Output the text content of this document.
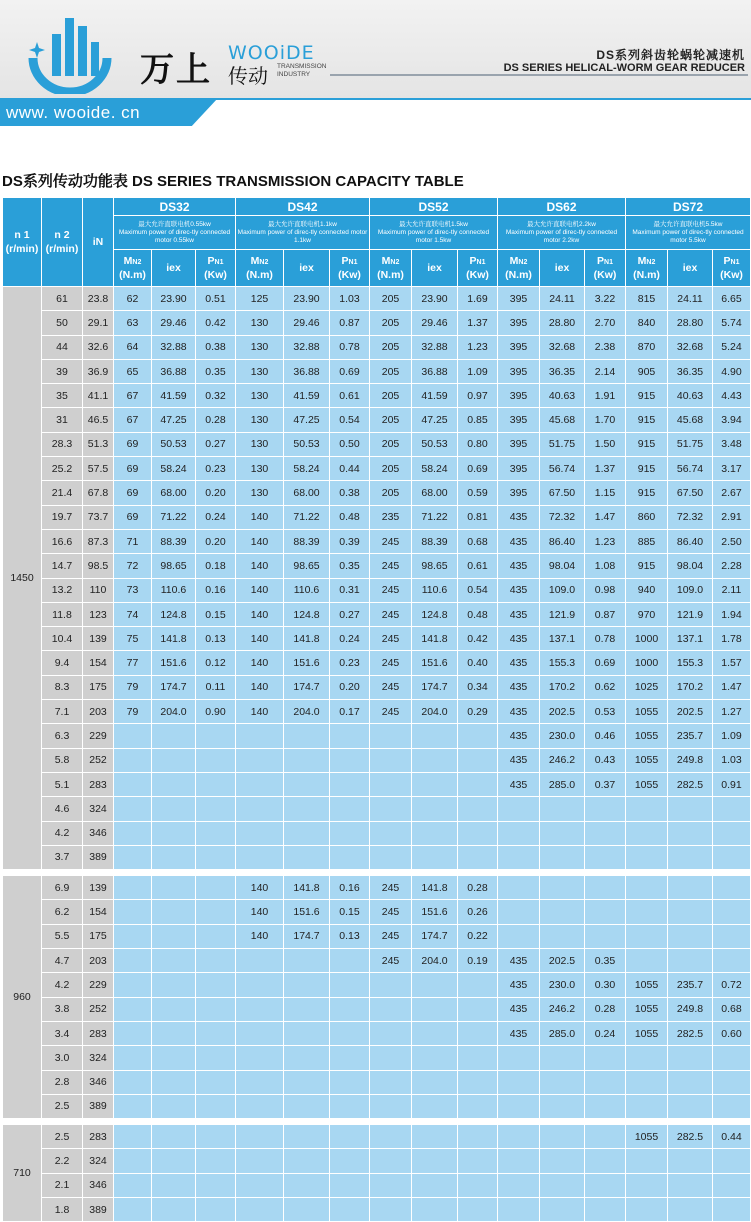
万上 WOOiDE
传动 TRANSMISSION INDUSTRY
DS系列斜齿轮蜗轮减速机
DS SERIES HELICAL-WORM GEAR REDUCER
www. wooide. cn
DS系列传动功能表 DS SERIES TRANSMISSION CAPACITY TABLE
n 1
(r/min)	n 2
(r/min)	iN	DS32			DS42			DS52			DS62			DS72		
			最大允许直联电机0.55kw
Maximum power of direc-tly connected motor 0.55kw			最大允许直联电机1.1kw
Maximum power of direc-tly connected motor 1.1kw			最大允许直联电机1.5kw
Maximum power of direc-tly connected motor 1.5kw			最大允许直联电机2.2kw
Maximum power of direc-tly connected motor 2.2kw			最大允许直联电机5.5kw
Maximum power of direc-tly connected motor 5.5kw		
			MN2
(N.m)	iex	PN1
(Kw)	MN2
(N.m)	iex	PN1
(Kw)	MN2
(N.m)	iex	PN1
(Kw)	MN2
(N.m)	iex	PN1
(Kw)	MN2
(N.m)	iex	PN1
(Kw)
1450	61	23.8	62	23.90	0.51	125	23.90	1.03	205	23.90	1.69	395	24.11	3.22	815	24.11	6.65
	50	29.1	63	29.46	0.42	130	29.46	0.87	205	29.46	1.37	395	28.80	2.70	840	28.80	5.74
	44	32.6	64	32.88	0.38	130	32.88	0.78	205	32.88	1.23	395	32.68	2.38	870	32.68	5.24
	39	36.9	65	36.88	0.35	130	36.88	0.69	205	36.88	1.09	395	36.35	2.14	905	36.35	4.90
	35	41.1	67	41.59	0.32	130	41.59	0.61	205	41.59	0.97	395	40.63	1.91	915	40.63	4.43
	31	46.5	67	47.25	0.28	130	47.25	0.54	205	47.25	0.85	395	45.68	1.70	915	45.68	3.94
	28.3	51.3	69	50.53	0.27	130	50.53	0.50	205	50.53	0.80	395	51.75	1.50	915	51.75	3.48
	25.2	57.5	69	58.24	0.23	130	58.24	0.44	205	58.24	0.69	395	56.74	1.37	915	56.74	3.17
	21.4	67.8	69	68.00	0.20	130	68.00	0.38	205	68.00	0.59	395	67.50	1.15	915	67.50	2.67
	19.7	73.7	69	71.22	0.24	140	71.22	0.48	235	71.22	0.81	435	72.32	1.47	860	72.32	2.91
	16.6	87.3	71	88.39	0.20	140	88.39	0.39	245	88.39	0.68	435	86.40	1.23	885	86.40	2.50
	14.7	98.5	72	98.65	0.18	140	98.65	0.35	245	98.65	0.61	435	98.04	1.08	915	98.04	2.28
	13.2	110	73	110.6	0.16	140	110.6	0.31	245	110.6	0.54	435	109.0	0.98	940	109.0	2.11
	11.8	123	74	124.8	0.15	140	124.8	0.27	245	124.8	0.48	435	121.9	0.87	970	121.9	1.94
	10.4	139	75	141.8	0.13	140	141.8	0.24	245	141.8	0.42	435	137.1	0.78	1000	137.1	1.78
	9.4	154	77	151.6	0.12	140	151.6	0.23	245	151.6	0.40	435	155.3	0.69	1000	155.3	1.57
	8.3	175	79	174.7	0.11	140	174.7	0.20	245	174.7	0.34	435	170.2	0.62	1025	170.2	1.47
	7.1	203	79	204.0	0.90	140	204.0	0.17	245	204.0	0.29	435	202.5	0.53	1055	202.5	1.27
	6.3	229										435	230.0	0.46	1055	235.7	1.09
	5.8	252										435	246.2	0.43	1055	249.8	1.03
	5.1	283										435	285.0	0.37	1055	282.5	0.91
	4.6	324															
	4.2	346															
	3.7	389															

960	6.9	139				140	141.8	0.16	245	141.8	0.28						
	6.2	154				140	151.6	0.15	245	151.6	0.26						
	5.5	175				140	174.7	0.13	245	174.7	0.22						
	4.7	203							245	204.0	0.19	435	202.5	0.35			
	4.2	229										435	230.0	0.30	1055	235.7	0.72
	3.8	252										435	246.2	0.28	1055	249.8	0.68
	3.4	283										435	285.0	0.24	1055	282.5	0.60
	3.0	324															
	2.8	346															
	2.5	389															

710	2.5	283													1055	282.5	0.44
	2.2	324															
	2.1	346															
	1.8	389															
